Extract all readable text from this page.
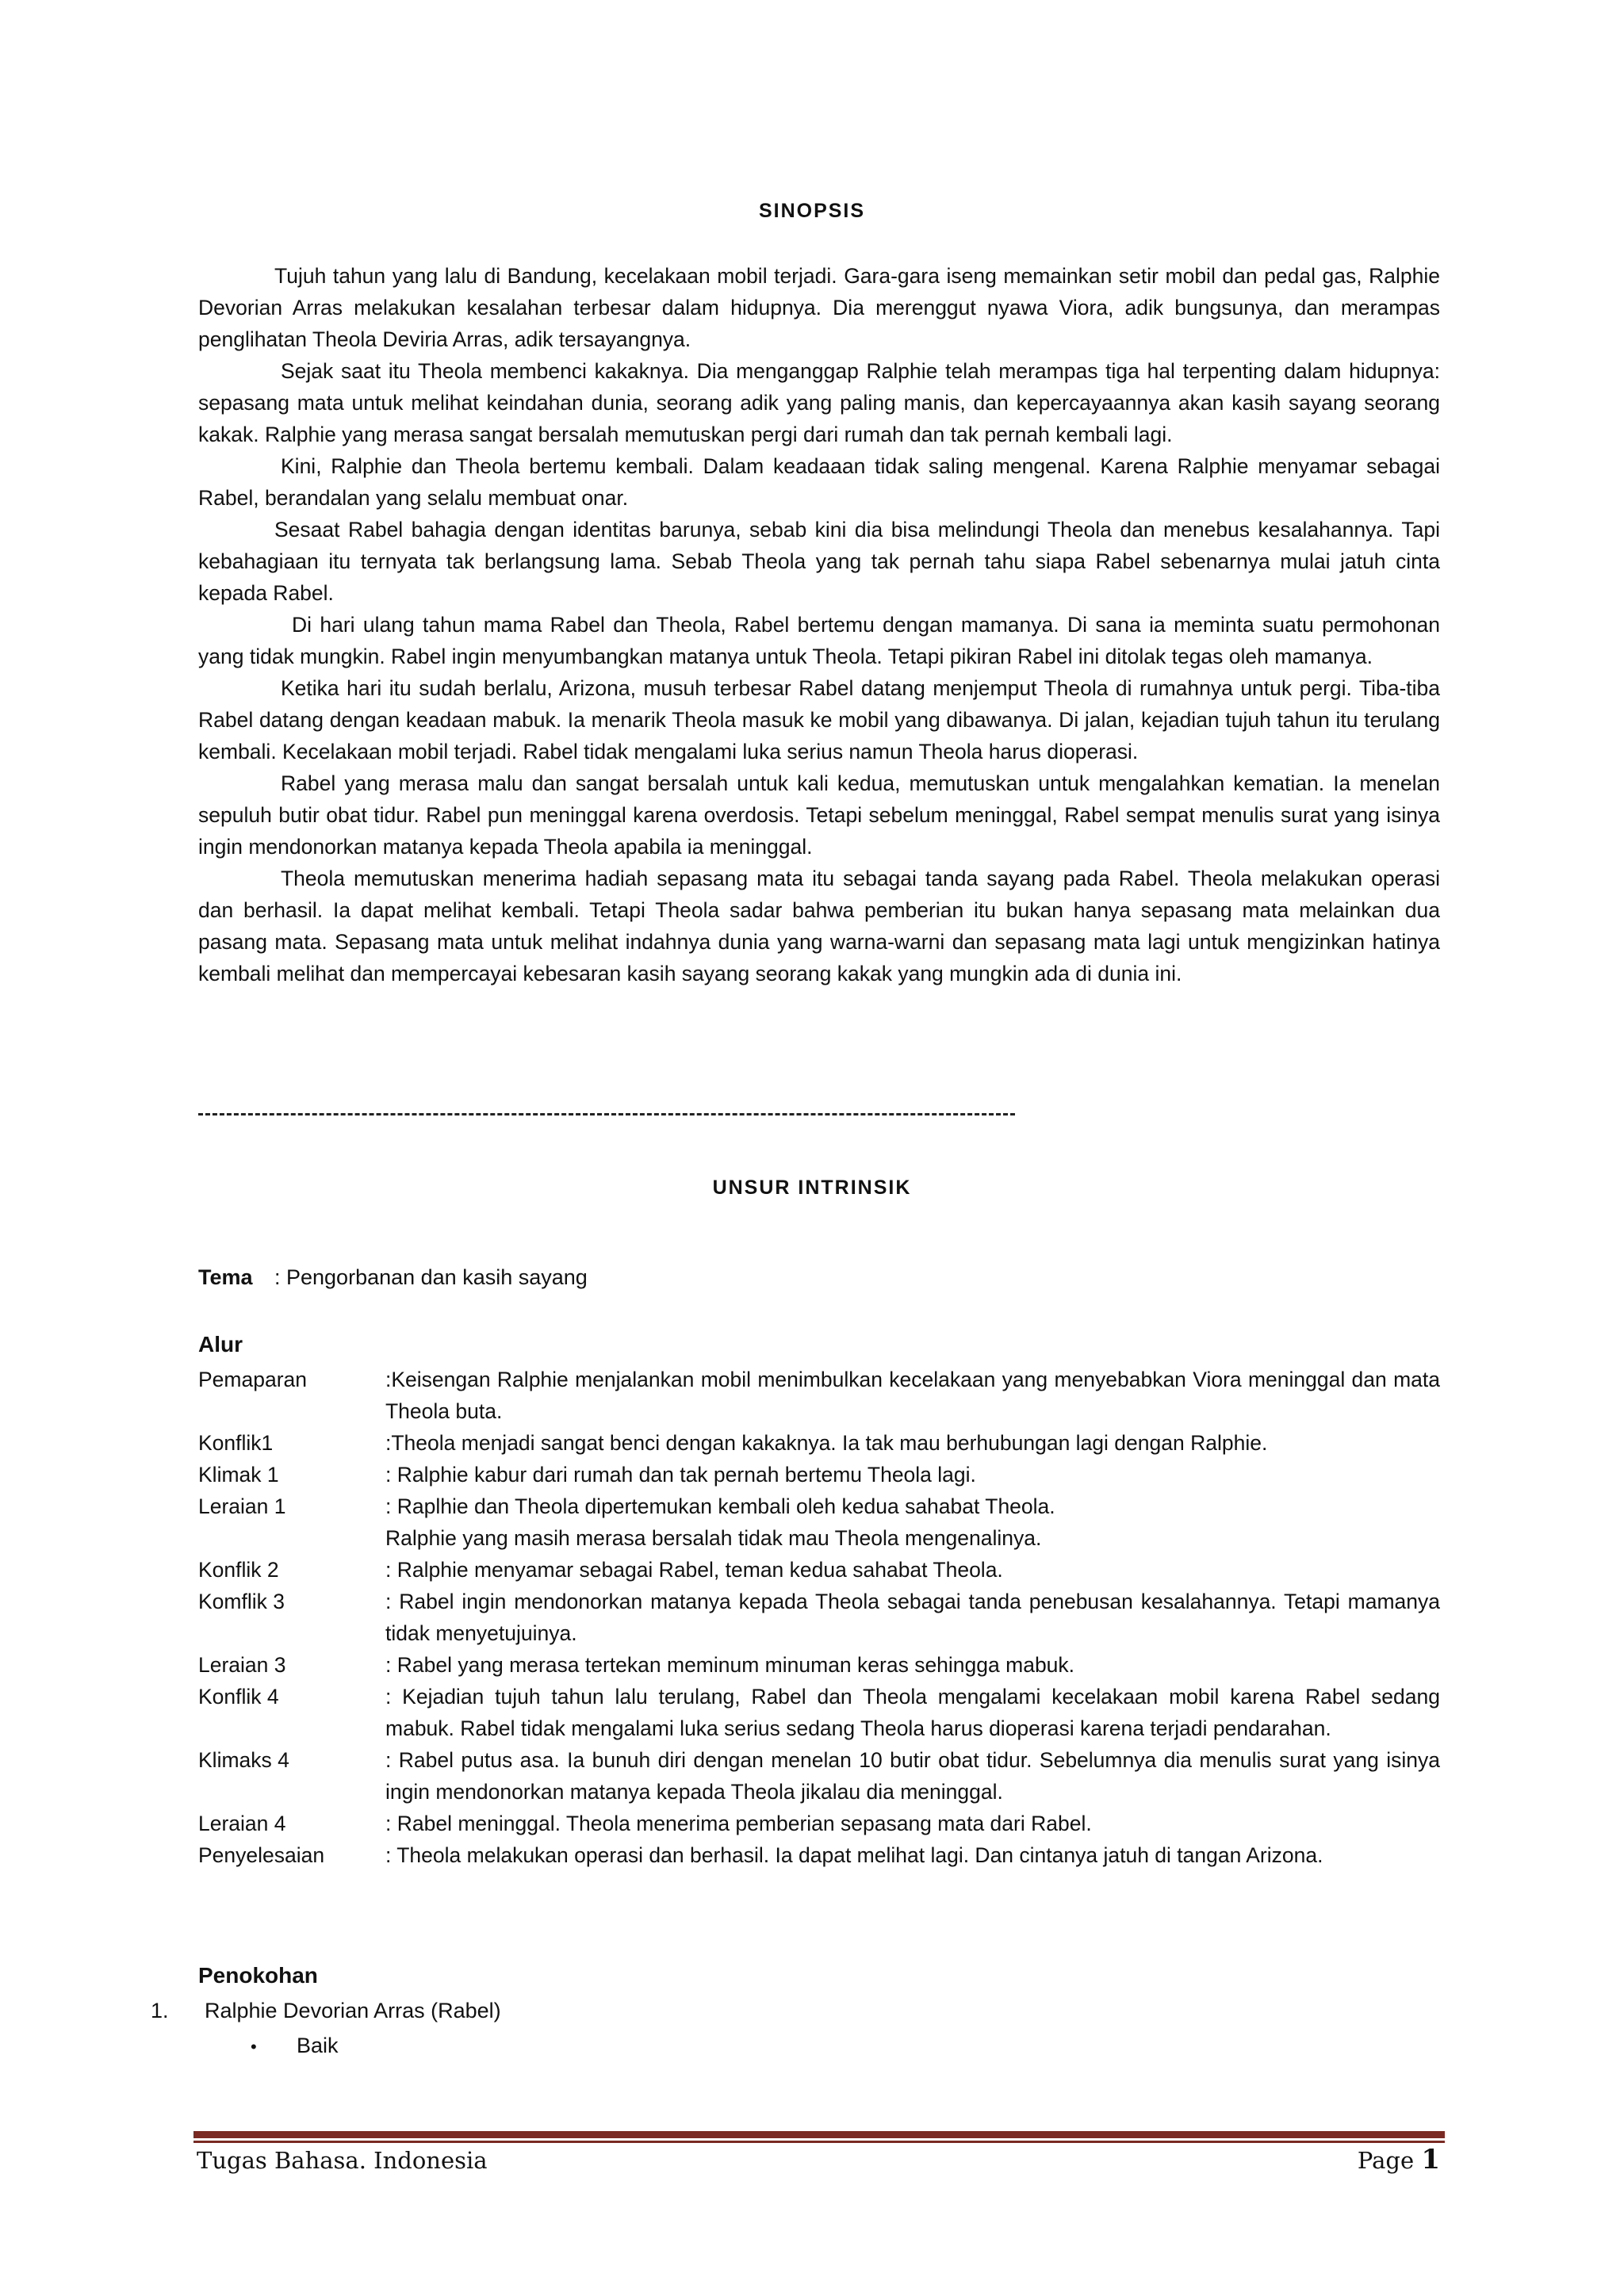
SINOPSIS

Tujuh tahun yang lalu di Bandung, kecelakaan mobil terjadi. Gara-gara iseng memainkan setir mobil dan pedal gas, Ralphie Devorian Arras melakukan kesalahan terbesar dalam hidupnya. Dia merenggut nyawa Viora, adik bungsunya, dan merampas penglihatan Theola Deviria Arras, adik tersayangnya.

Sejak saat itu Theola membenci kakaknya. Dia menganggap Ralphie telah merampas tiga hal terpenting dalam hidupnya: sepasang mata untuk melihat keindahan dunia, seorang adik yang paling manis, dan kepercayaannya akan kasih sayang seorang kakak. Ralphie yang merasa sangat bersalah memutuskan pergi dari rumah dan tak pernah kembali lagi.

Kini, Ralphie dan Theola bertemu kembali. Dalam keadaaan tidak saling mengenal. Karena Ralphie menyamar sebagai Rabel, berandalan yang selalu membuat onar.

Sesaat Rabel bahagia dengan identitas barunya, sebab kini dia bisa melindungi Theola dan menebus kesalahannya. Tapi kebahagiaan itu ternyata tak berlangsung lama. Sebab Theola yang tak pernah tahu siapa Rabel sebenarnya mulai jatuh cinta kepada Rabel.

Di hari ulang tahun mama Rabel dan Theola, Rabel bertemu dengan mamanya. Di sana ia meminta suatu permohonan yang tidak mungkin. Rabel ingin menyumbangkan matanya untuk Theola. Tetapi pikiran Rabel ini ditolak tegas oleh mamanya.

Ketika hari itu sudah berlalu, Arizona, musuh terbesar Rabel datang menjemput Theola di rumahnya untuk pergi. Tiba-tiba Rabel datang dengan keadaan mabuk. Ia menarik Theola masuk ke mobil yang dibawanya. Di jalan, kejadian tujuh tahun itu terulang kembali. Kecelakaan mobil terjadi. Rabel tidak mengalami luka serius namun Theola harus dioperasi.

Rabel yang merasa malu dan sangat bersalah untuk kali kedua, memutuskan untuk mengalahkan kematian. Ia menelan sepuluh butir obat tidur. Rabel pun meninggal karena overdosis. Tetapi sebelum meninggal, Rabel sempat menulis surat yang isinya ingin mendonorkan matanya kepada Theola apabila ia meninggal.

Theola memutuskan menerima hadiah sepasang mata itu sebagai tanda sayang pada Rabel. Theola melakukan operasi dan berhasil. Ia dapat melihat kembali. Tetapi Theola sadar bahwa pemberian itu bukan hanya sepasang mata melainkan dua pasang mata. Sepasang mata untuk melihat indahnya dunia yang warna-warni dan sepasang mata lagi untuk mengizinkan hatinya kembali melihat dan mempercayai kebesaran kasih sayang seorang kakak yang mungkin ada di dunia ini.

UNSUR INTRINSIK
Tema : Pengorbanan dan kasih sayang
Alur
Pemaparan	:Keisengan Ralphie menjalankan mobil menimbulkan kecelakaan yang menyebabkan Viora meninggal dan mata Theola buta.
Konflik1	:Theola menjadi sangat benci dengan kakaknya. Ia tak mau berhubungan lagi dengan Ralphie.
Klimak 1	: Ralphie kabur dari rumah dan tak pernah bertemu Theola lagi.
Leraian 1	: Raplhie dan Theola dipertemukan kembali oleh kedua sahabat Theola.
Ralphie yang masih merasa bersalah tidak mau Theola mengenalinya.
Konflik 2	: Ralphie menyamar sebagai Rabel, teman kedua sahabat Theola.
Komflik 3	: Rabel ingin mendonorkan matanya kepada Theola sebagai tanda penebusan kesalahannya. Tetapi mamanya tidak menyetujuinya.
Leraian 3	: Rabel yang merasa tertekan meminum minuman keras sehingga mabuk.
Konflik 4	: Kejadian tujuh tahun lalu terulang, Rabel dan Theola mengalami kecelakaan mobil karena Rabel sedang mabuk. Rabel tidak mengalami luka serius sedang Theola harus dioperasi karena terjadi pendarahan.
Klimaks 4	: Rabel putus asa. Ia bunuh diri dengan menelan 10 butir obat tidur. Sebelumnya dia menulis surat yang isinya ingin mendonorkan matanya kepada Theola jikalau dia meninggal.
Leraian 4	: Rabel meninggal. Theola menerima pemberian sepasang mata dari Rabel.
Penyelesaian	: Theola melakukan operasi dan berhasil. Ia dapat melihat lagi. Dan cintanya jatuh di tangan Arizona.
Penokohan
1. Ralphie Devorian Arras (Rabel)
• Baik
Tugas Bahasa. Indonesia	Page 1
